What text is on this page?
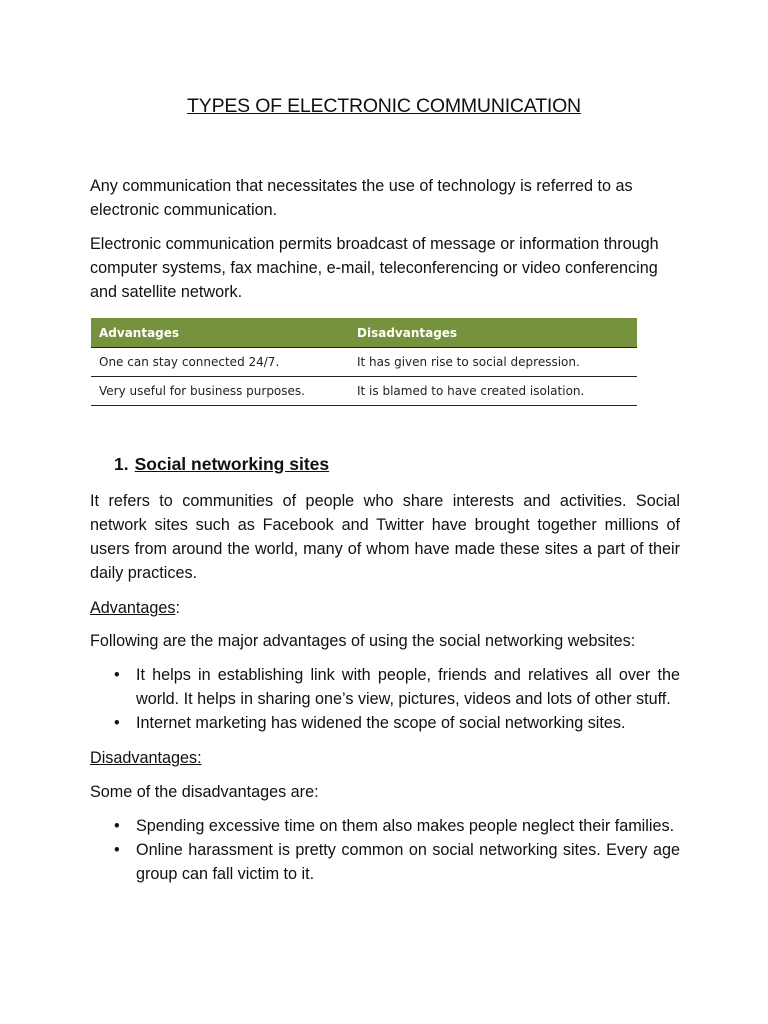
TYPES OF ELECTRONIC COMMUNICATION

Any communication that necessitates the use of technology is referred to as electronic communication.

Electronic communication permits broadcast of message or information through computer systems, fax machine, e-mail, teleconferencing or video conferencing and satellite network.

Advantages	Disadvantages
One can stay connected 24/7.	It has given rise to social depression.
Very useful for business purposes.	It is blamed to have created isolation.
1. Social networking sites

It refers to communities of people who share interests and activities. Social network sites such as Facebook and Twitter have brought together millions of users from around the world, many of whom have made these sites a part of their daily practices.

Advantages:

Following are the major advantages of using the social networking websites:

• It helps in establishing link with people, friends and relatives all over the world. It helps in sharing one’s view, pictures, videos and lots of other stuff.
• Internet marketing has widened the scope of social networking sites.

Disadvantages:

Some of the disadvantages are:

• Spending excessive time on them also makes people neglect their families.
• Online harassment is pretty common on social networking sites. Every age group can fall victim to it.
